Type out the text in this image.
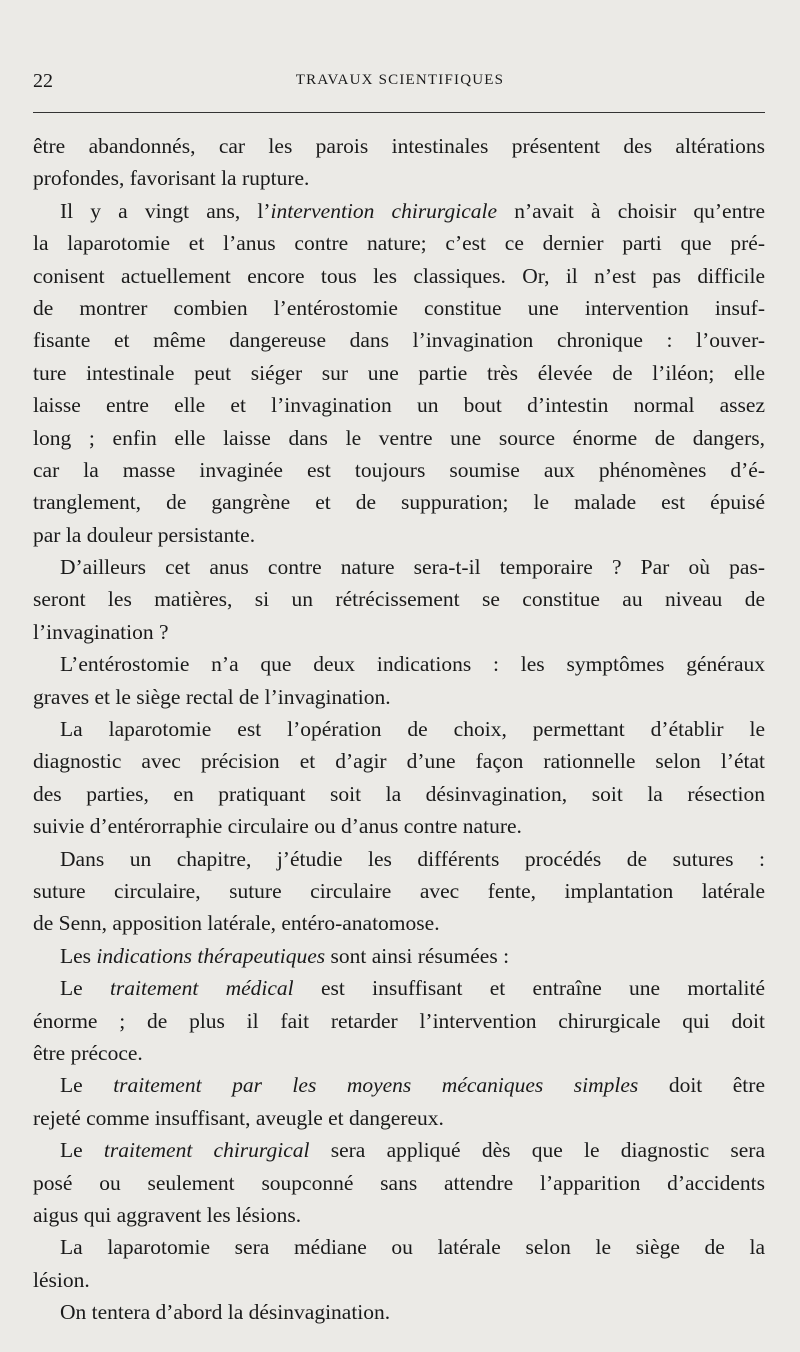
22	TRAVAUX SCIENTIFIQUES
être abandonnés, car les parois intestinales présentent des altérations
profondes, favorisant la rupture.
Il y a vingt ans, l’intervention chirurgicale n’avait à choisir qu’entre
la laparotomie et l’anus contre nature; c’est ce dernier parti que pré-
conisent actuellement encore tous les classiques. Or, il n’est pas difficile
de montrer combien l’entérostomie constitue une intervention insuf-
fisante et même dangereuse dans l’invagination chronique : l’ouver-
ture intestinale peut siéger sur une partie très élevée de l’iléon; elle
laisse entre elle et l’invagination un bout d’intestin normal assez
long ; enfin elle laisse dans le ventre une source énorme de dangers,
car la masse invaginée est toujours soumise aux phénomènes d’é-
tranglement, de gangrène et de suppuration; le malade est épuisé
par la douleur persistante.
D’ailleurs cet anus contre nature sera-t-il temporaire ? Par où pas-
seront les matières, si un rétrécissement se constitue au niveau de
l’invagination ?
L’entérostomie n’a que deux indications : les symptômes généraux
graves et le siège rectal de l’invagination.
La laparotomie est l’opération de choix, permettant d’établir le
diagnostic avec précision et d’agir d’une façon rationnelle selon l’état
des parties, en pratiquant soit la désinvagination, soit la résection
suivie d’entérorraphie circulaire ou d’anus contre nature.
Dans un chapitre, j’étudie les différents procédés de sutures :
suture circulaire, suture circulaire avec fente, implantation latérale
de Senn, apposition latérale, entéro-anatomose.
Les indications thérapeutiques sont ainsi résumées :
Le traitement médical est insuffisant et entraîne une mortalité
énorme ; de plus il fait retarder l’intervention chirurgicale qui doit
être précoce.
Le traitement par les moyens mécaniques simples doit être
rejeté comme insuffisant, aveugle et dangereux.
Le traitement chirurgical sera appliqué dès que le diagnostic sera
posé ou seulement soupconné sans attendre l’apparition d’accidents
aigus qui aggravent les lésions.
La laparotomie sera médiane ou latérale selon le siège de la
lésion.
On tentera d’abord la désinvagination.
